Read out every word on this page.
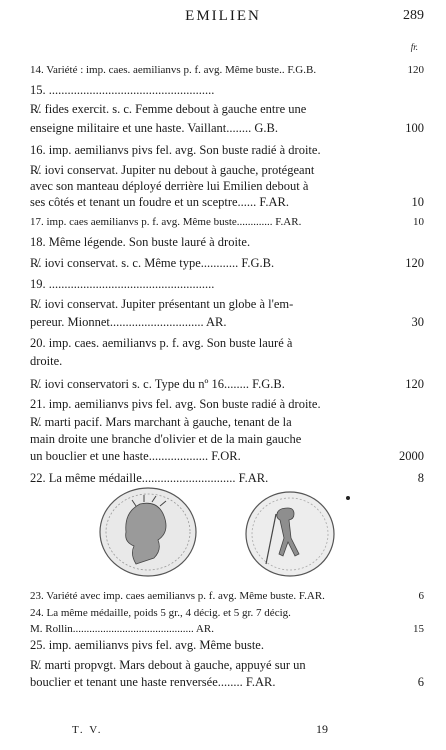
EMILIEN	289
fr.
14. Variété : imp. caes. aemilianvs p. f. avg. Même buste.. F.G.B.	120
15. .....................................................
R̸. fides exercit. s. c. Femme debout à gauche entre une
enseigne militaire et une haste. Vaillant........ G.B.	100
16. imp. aemilianvs pivs fel. avg. Son buste radié à droite.
R̸. iovi conservat. Jupiter nu debout à gauche, protégeant
avec son manteau déployé derrière lui Emilien debout à
ses côtés et tenant un foudre et un sceptre...... F.AR.	10
17. imp. caes aemilianvs p. f. avg. Même buste............. F.AR.	10
18. Même légende. Son buste lauré à droite.
R̸. iovi conservat. s. c. Même type............ F.G.B.	120
19. .....................................................
R̸. iovi conservat. Jupiter présentant un globe à l'em-
pereur. Mionnet.............................. AR.	30
20. imp. caes. aemilianvs p. f. avg. Son buste lauré à
droite.
R̸. iovi conservatori s. c. Type du nº 16........ F.G.B.	120
21. imp. aemilianvs pivs fel. avg. Son buste radié à droite.
R̸. marti pacif. Mars marchant à gauche, tenant de la
main droite une branche d'olivier et de la main gauche
un bouclier et une haste................... F.OR.	2000
22. La même médaille.............................. F.AR.	8
23. Variété avec imp. caes aemilianvs p. f. avg. Même buste. F.AR.	6
24. La même médaille, poids 5 gr., 4 décig. et 5 gr. 7 décig.
M. Rollin............................................ AR.	15
25. imp. aemilianvs pivs fel. avg. Même buste.
R̸. marti propvgt. Mars debout à gauche, appuyé sur un
bouclier et tenant une haste renversée........ F.AR.	6
T. V.	19
